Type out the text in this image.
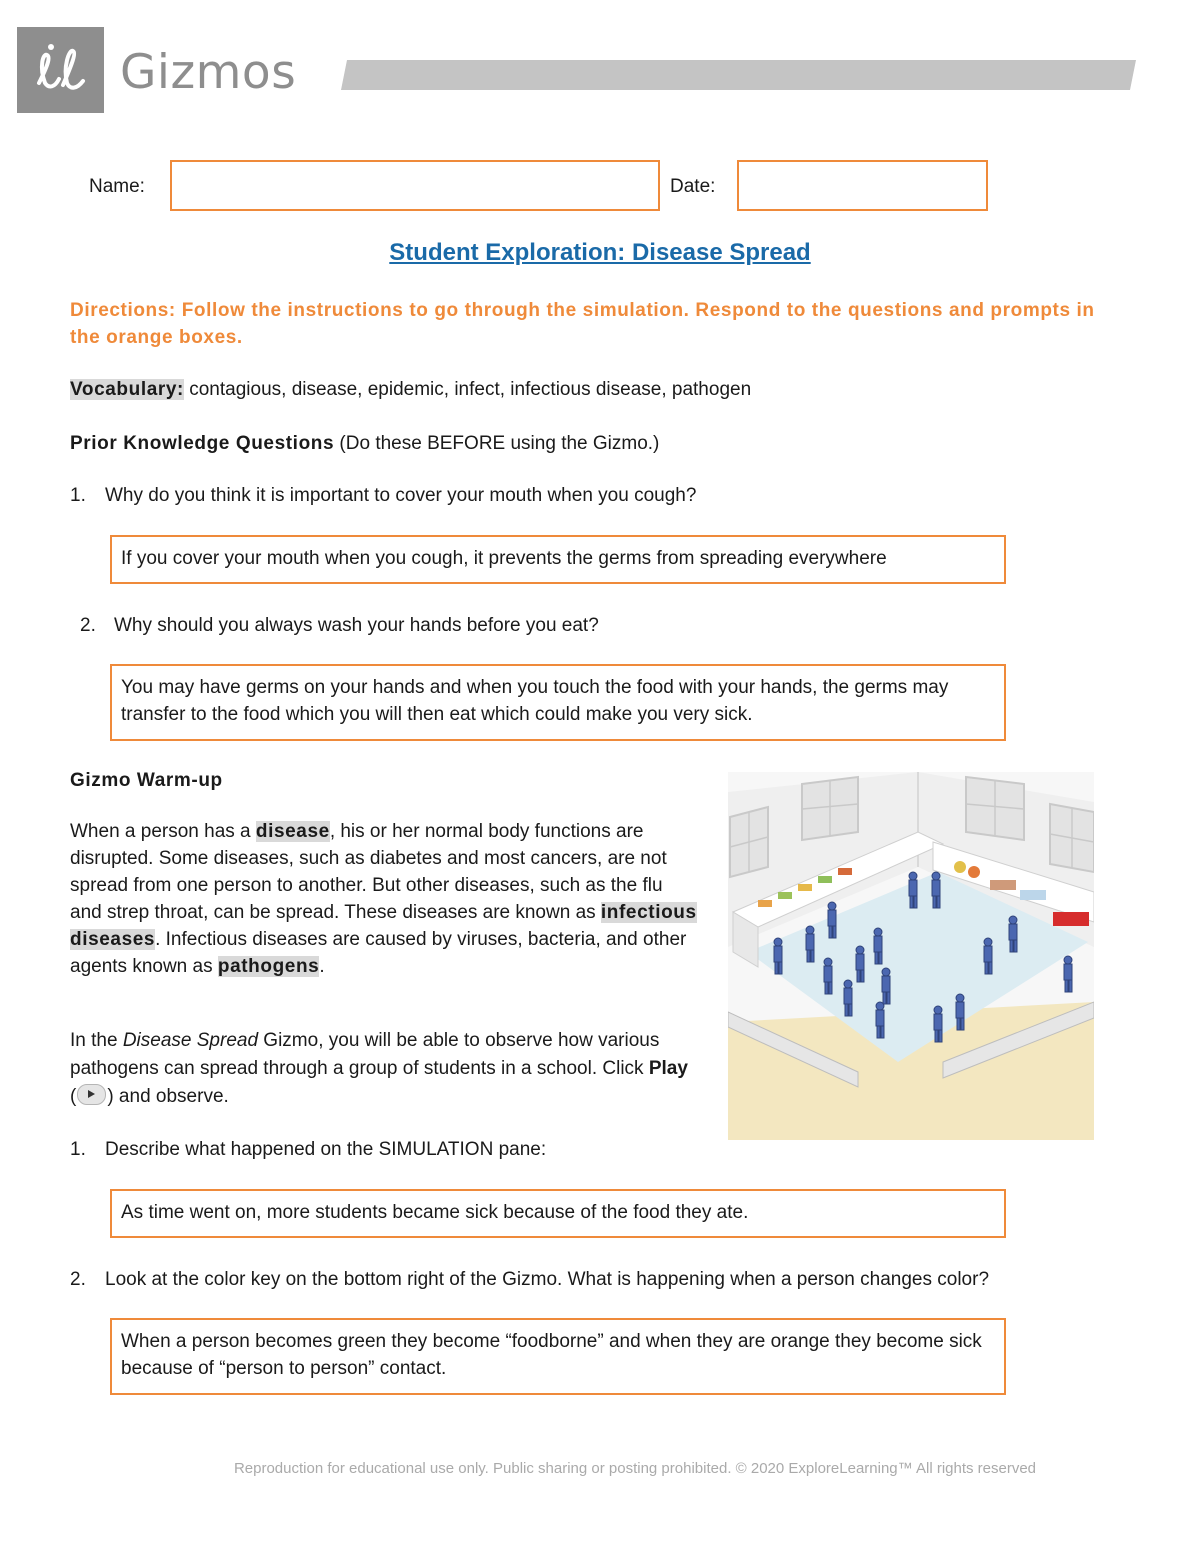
Gizmos
Name:	Date:
Student Exploration: Disease Spread
Directions: Follow the instructions to go through the simulation. Respond to the questions and prompts in the orange boxes.
Vocabulary: contagious, disease, epidemic, infect, infectious disease, pathogen
Prior Knowledge Questions (Do these BEFORE using the Gizmo.)
1. Why do you think it is important to cover your mouth when you cough?
If you cover your mouth when you cough, it prevents the germs from spreading everywhere
2. Why should you always wash your hands before you eat?
You may have germs on your hands and when you touch the food with your hands, the germs may transfer to the food which you will then eat which could make you very sick.
Gizmo Warm-up
When a person has a disease, his or her normal body functions are disrupted. Some diseases, such as diabetes and most cancers, are not spread from one person to another. But other diseases, such as the flu and strep throat, can be spread. These diseases are known as infectious diseases. Infectious diseases are caused by viruses, bacteria, and other agents known as pathogens.
In the Disease Spread Gizmo, you will be able to observe how various pathogens can spread through a group of students in a school. Click Play ( ) and observe.
1. Describe what happened on the SIMULATION pane:
As time went on, more students became sick because of the food they ate.
2. Look at the color key on the bottom right of the Gizmo. What is happening when a person changes color?
When a person becomes green they become “foodborne” and when they are orange they become sick because of “person to person” contact.
Reproduction for educational use only. Public sharing or posting prohibited. © 2020 ExploreLearning™ All rights reserved
